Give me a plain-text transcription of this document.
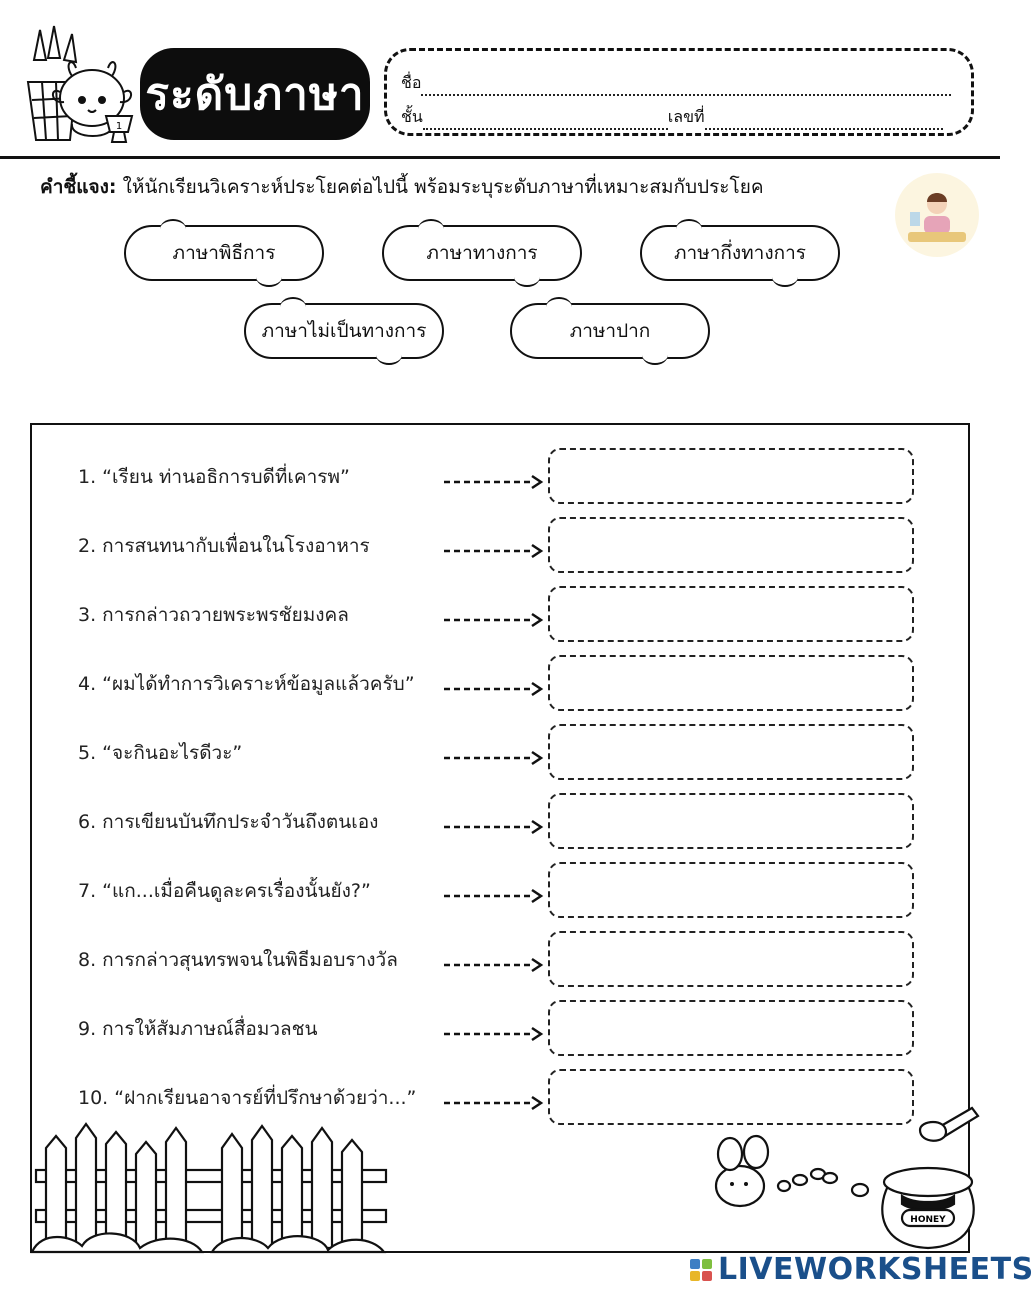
1
ระดับภาษา	ชื่อ
ชั้น	เลขที่
คำชี้แจง: ให้นักเรียนวิเคราะห์ประโยคต่อไปนี้ พร้อมระบุระดับภาษาที่เหมาะสมกับประโยค
ภาษาพิธีการ	ภาษาทางการ	ภาษากึ่งทางการ
ภาษาไม่เป็นทางการ	ภาษาปาก
1. “เรียน ท่านอธิการบดีที่เคารพ”
2. การสนทนากับเพื่อนในโรงอาหาร
3. การกล่าวถวายพระพรชัยมงคล
4. “ผมได้ทำการวิเคราะห์ข้อมูลแล้วครับ”
5. “จะกินอะไรดีวะ”
6. การเขียนบันทึกประจำวันถึงตนเอง
7. “แก...เมื่อคืนดูละครเรื่องนั้นยัง?”
8. การกล่าวสุนทรพจนในพิธีมอบรางวัล
9. การให้สัมภาษณ์สื่อมวลชน
10. “ฝากเรียนอาจารย์ที่ปรึกษาด้วยว่า...”
HONEY
LIVEWORKSHEETS
